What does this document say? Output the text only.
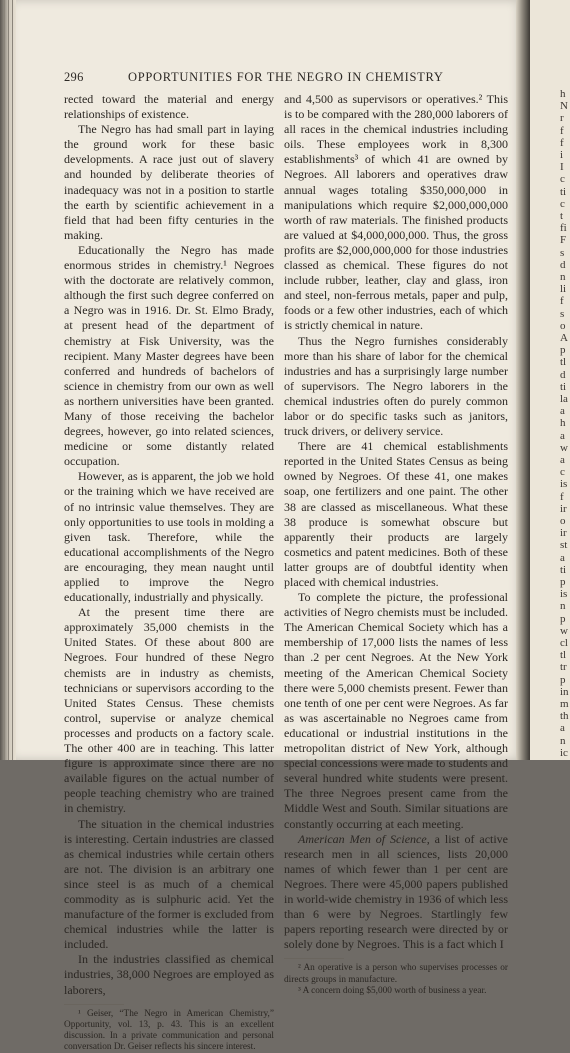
296	OPPORTUNITIES FOR THE NEGRO IN CHEMISTRY

rected toward the material and energy relationships of existence.

The Negro has had small part in laying the ground work for these basic developments. A race just out of slavery and hounded by deliberate theories of inadequacy was not in a position to startle the earth by scientific achievement in a field that had been fifty centuries in the making.

Educationally the Negro has made enormous strides in chemistry.¹ Negroes with the doctorate are relatively common, although the first such degree conferred on a Negro was in 1916. Dr. St. Elmo Brady, at present head of the department of chemistry at Fisk University, was the recipient. Many Master degrees have been conferred and hundreds of bachelors of science in chemistry from our own as well as northern universities have been granted. Many of those receiving the bachelor degrees, however, go into related sciences, medicine or some distantly related occupation.

However, as is apparent, the job we hold or the training which we have received are of no intrinsic value themselves. They are only opportunities to use tools in molding a given task. Therefore, while the educational accomplishments of the Negro are encouraging, they mean naught until applied to improve the Negro educationally, industrially and physically.

At the present time there are approximately 35,000 chemists in the United States. Of these about 800 are Negroes. Four hundred of these Negro chemists are in industry as chemists, technicians or supervisors according to the United States Census. These chemists control, supervise or analyze chemical processes and products on a factory scale. The other 400 are in teaching. This latter figure is approximate since there are no available figures on the actual number of people teaching chemistry who are trained in chemistry.

The situation in the chemical industries is interesting. Certain industries are classed as chemical industries while certain others are not. The division is an arbitrary one since steel is as much of a chemical commodity as is sulphuric acid. Yet the manufacture of the former is excluded from chemical industries while the latter is included.

In the industries classified as chemical industries, 38,000 Negroes are employed as laborers,

¹ Geiser, “The Negro in American Chemistry,” Opportunity, vol. 13, p. 43. This is an excellent discussion. In a private communication and personal conversation Dr. Geiser reflects his sincere interest.

and 4,500 as supervisors or operatives.² This is to be compared with the 280,000 laborers of all races in the chemical industries including oils. These employees work in 8,300 establishments³ of which 41 are owned by Negroes. All laborers and operatives draw annual wages totaling $350,000,000 in manipulations which require $2,000,000,000 worth of raw materials. The finished products are valued at $4,000,000,000. Thus, the gross profits are $2,000,000,000 for those industries classed as chemical. These figures do not include rubber, leather, clay and glass, iron and steel, non-ferrous metals, paper and pulp, foods or a few other industries, each of which is strictly chemical in nature.

Thus the Negro furnishes considerably more than his share of labor for the chemical industries and has a surprisingly large number of supervisors. The Negro laborers in the chemical industries often do purely common labor or do specific tasks such as janitors, truck drivers, or delivery service.

There are 41 chemical establishments reported in the United States Census as being owned by Negroes. Of these 41, one makes soap, one fertilizers and one paint. The other 38 are classed as miscellaneous. What these 38 produce is somewhat obscure but apparently their products are largely cosmetics and patent medicines. Both of these latter groups are of doubtful identity when placed with chemical industries.

To complete the picture, the professional activities of Negro chemists must be included. The American Chemical Society which has a membership of 17,000 lists the names of less than .2 per cent Negroes. At the New York meeting of the American Chemical Society there were 5,000 chemists present. Fewer than one tenth of one per cent were Negroes. As far as was ascertainable no Negroes came from educational or industrial institutions in the metropolitan district of New York, although special concessions were made to students and several hundred white students were present. The three Negroes present came from the Middle West and South. Similar situations are constantly occurring at each meeting.

American Men of Science, a list of active research men in all sciences, lists 20,000 names of which fewer than 1 per cent are Negroes. There were 45,000 papers published in world-wide chemistry in 1936 of which less than 6 were by Negroes. Startlingly few papers reporting research were directed by or solely done by Negroes. This is a fact which I

² An operative is a person who supervises processes or directs groups in manufacture.

³ A concern doing $5,000 worth of business a year.

h
N
r
f
f
i
I
c
ti
c
t
fi
F
s
d
n
li
f
s
o
A
p
tl
d
ti
la
a
h
a
w
a
c
is
f
ir
o
ir
st
a
ti
p
is
n
p
w
cl
tl
tr
p
in
m
th
a
n
ic
